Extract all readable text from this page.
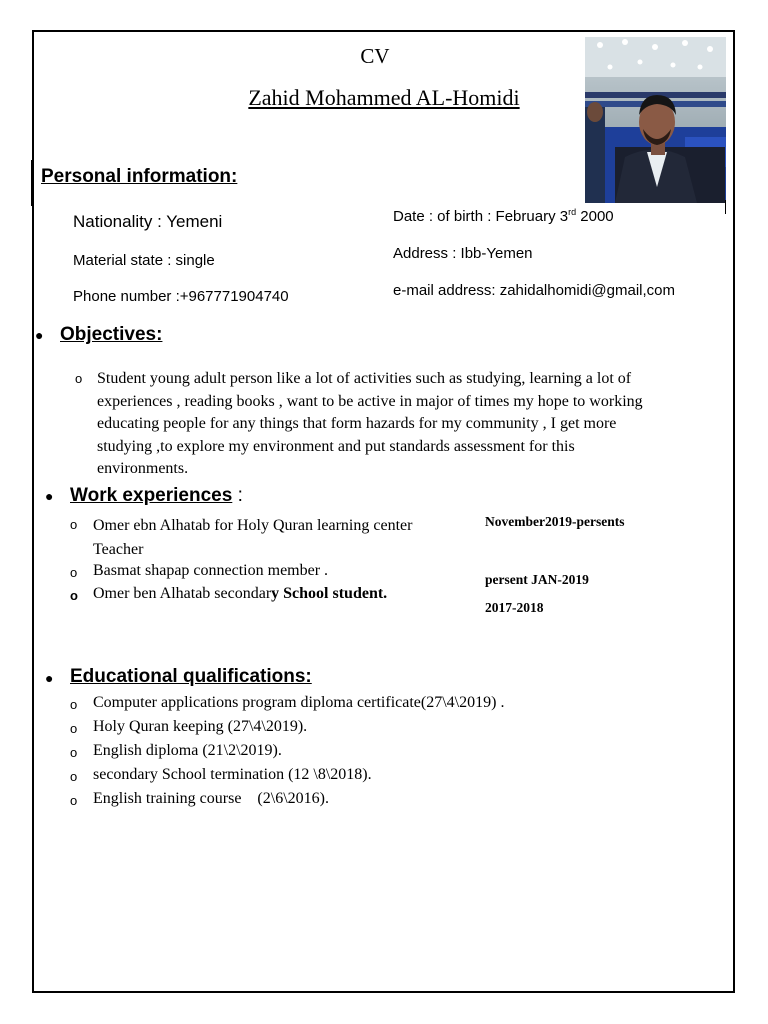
CV
Zahid Mohammed AL-Homidi
Personal information:
Nationality : Yemeni
Material state : single
Phone number :+967771904740
Date : of birth : February 3rd 2000
Address : Ibb-Yemen
e-mail address: zahidalhomidi@gmail,com
● Objectives:
o Student young adult person like a lot of activities such as studying, learning a lot of
experiences , reading books , want to be active in major of times my hope to working
educating people for any things that form hazards for my community , I get more
studying ,to explore my environment and put standards assessment for this
environments.
● Work experiences :
o Omer ebn Alhatab for Holy Quran learning center
Teacher
o Basmat shapap connection member .
o Omer ben Alhatab secondary School student.
November2019-persents
persent JAN-2019
2017-2018
● Educational qualifications:
o Computer applications program diploma certificate(27\4\2019) .
o Holy Quran keeping (27\4\2019).
o English diploma (21\2\2019).
o secondary School termination (12 \8\2018).
o English training course    (2\6\2016).
